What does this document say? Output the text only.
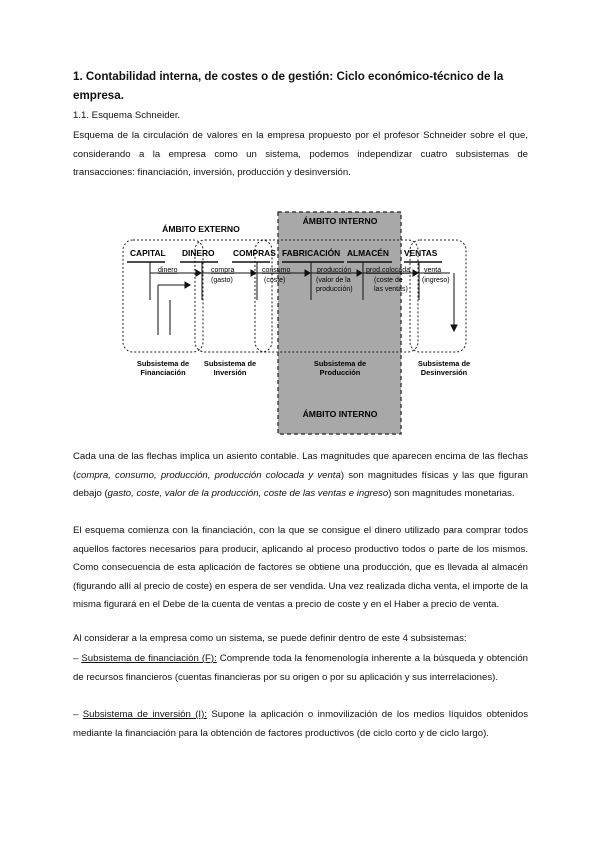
1. Contabilidad interna, de costes o de gestión: Ciclo económico-técnico de la empresa.
1.1. Esquema Schneider.
Esquema de la circulación de valores en la empresa propuesto por el profesor Schneider sobre el que, considerando a la empresa como un sistema, podemos independizar cuatro subsistemas de transacciones: financiación, inversión, producción y desinversión.
ÁMBITO INTERNO
ÁMBITO INTERNO
ÁMBITO EXTERNO
CAPITAL DINERO COMPRAS FABRICACIÓN ALMACÉN VENTAS
dinero	compra
(gasto)
consumo
(coste)
producción
(valor de la producción)
prod.colocada
(coste de las ventas)
venta
(ingreso)
Subsistema de Financiación
Subsistema de Inversión
Subsistema de Producción
Subsistema de Desinversión
Cada una de las flechas implica un asiento contable. Las magnitudes que aparecen encima de las flechas (compra, consumo, producción, producción colocada y venta) son magnitudes físicas y las que figuran debajo (gasto, coste, valor de la producción, coste de las ventas e ingreso) son magnitudes monetarias.
El esquema comienza con la financiación, con la que se consigue el dinero utilizado para comprar todos aquellos factores necesarios para producir, aplicando al proceso productivo todos o parte de los mismos. Como consecuencia de esta aplicación de factores se obtiene una producción, que es llevada al almacén (figurando allí al precio de coste) en espera de ser vendida. Una vez realizada dicha venta, el importe de la misma figurará en el Debe de la cuenta de ventas a precio de coste y en el Haber a precio de venta.
Al considerar a la empresa como un sistema, se puede definir dentro de este 4 subsistemas:
– Subsistema de financiación (F): Comprende toda la fenomenología inherente a la búsqueda y obtención de recursos financieros (cuentas financieras por su origen o por su aplicación y sus interrelaciones).
– Subsistema de inversión (I): Supone la aplicación o inmovilización de los medios líquidos obtenidos mediante la financiación para la obtención de factores productivos (de ciclo corto y de ciclo largo).
